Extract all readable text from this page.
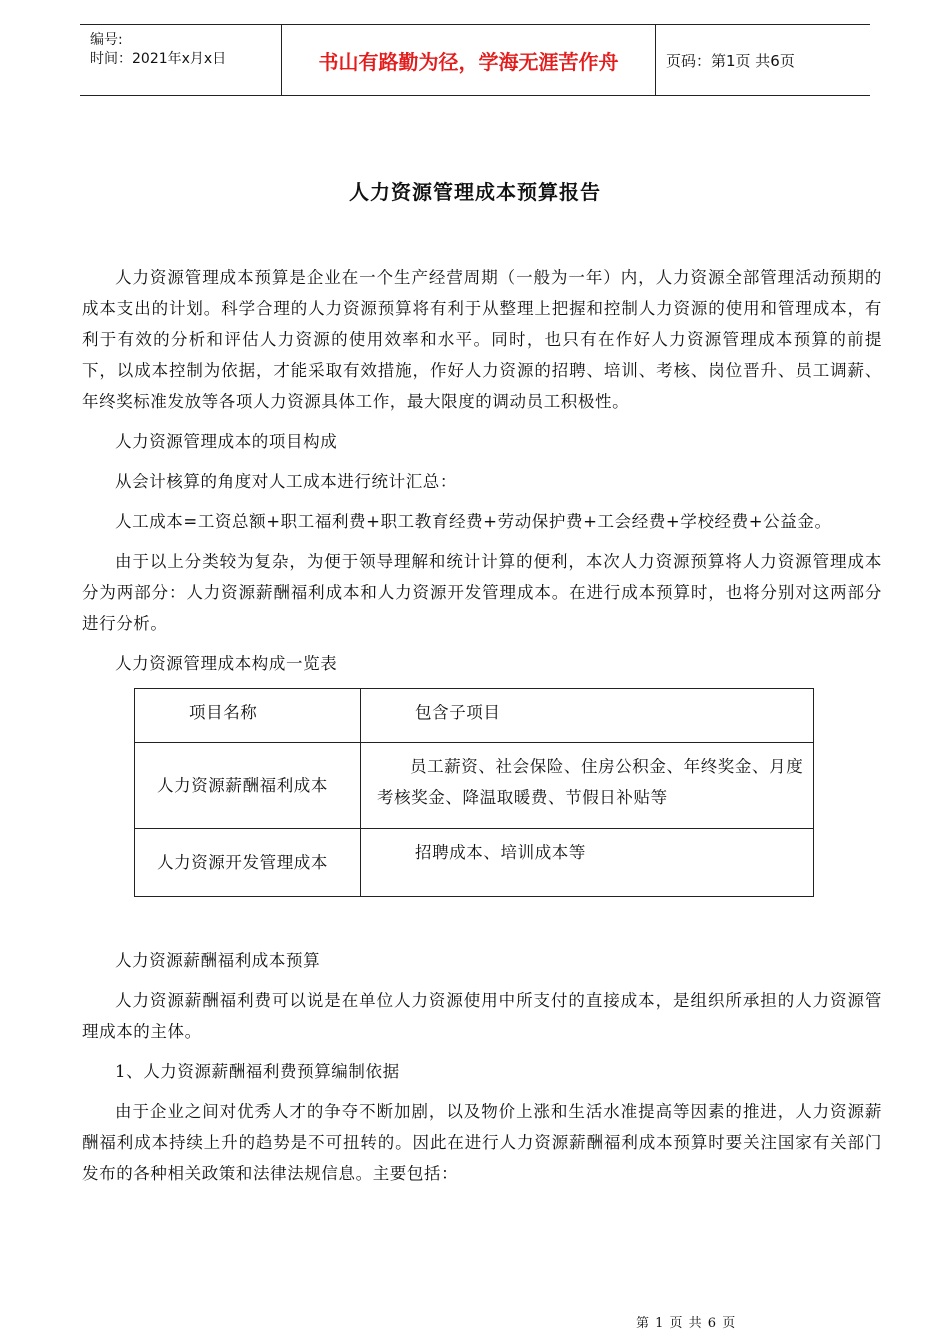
编号:
时间：2021年x月x日	书山有路勤为径，学海无涯苦作舟	页码：第1页 共6页
人力资源管理成本预算报告

人力资源管理成本预算是企业在一个生产经营周期（一般为一年）内，人力资源全部管理活动预期的成本支出的计划。科学合理的人力资源预算将有利于从整理上把握和控制人力资源的使用和管理成本，有利于有效的分析和评估人力资源的使用效率和水平。同时，也只有在作好人力资源管理成本预算的前提下，以成本控制为依据，才能采取有效措施，作好人力资源的招聘、培训、考核、岗位晋升、员工调薪、年终奖标准发放等各项人力资源具体工作，最大限度的调动员工积极性。

人力资源管理成本的项目构成

从会计核算的角度对人工成本进行统计汇总：

人工成本=工资总额+职工福利费+职工教育经费+劳动保护费+工会经费+学校经费+公益金。

由于以上分类较为复杂，为便于领导理解和统计计算的便利，本次人力资源预算将人力资源管理成本分为两部分：人力资源薪酬福利成本和人力资源开发管理成本。在进行成本预算时，也将分别对这两部分进行分析。

人力资源管理成本构成一览表

项目名称	包含子项目
人力资源薪酬福利成本	员工薪资、社会保险、住房公积金、年终奖金、月度考核奖金、降温取暖费、节假日补贴等
人力资源开发管理成本	招聘成本、培训成本等

人力资源薪酬福利成本预算

人力资源薪酬福利费可以说是在单位人力资源使用中所支付的直接成本，是组织所承担的人力资源管理成本的主体。

1、人力资源薪酬福利费预算编制依据

由于企业之间对优秀人才的争夺不断加剧，以及物价上涨和生活水准提高等因素的推进，人力资源薪酬福利成本持续上升的趋势是不可扭转的。因此在进行人力资源薪酬福利成本预算时要关注国家有关部门发布的各种相关政策和法律法规信息。主要包括：

第 1 页 共 6 页
